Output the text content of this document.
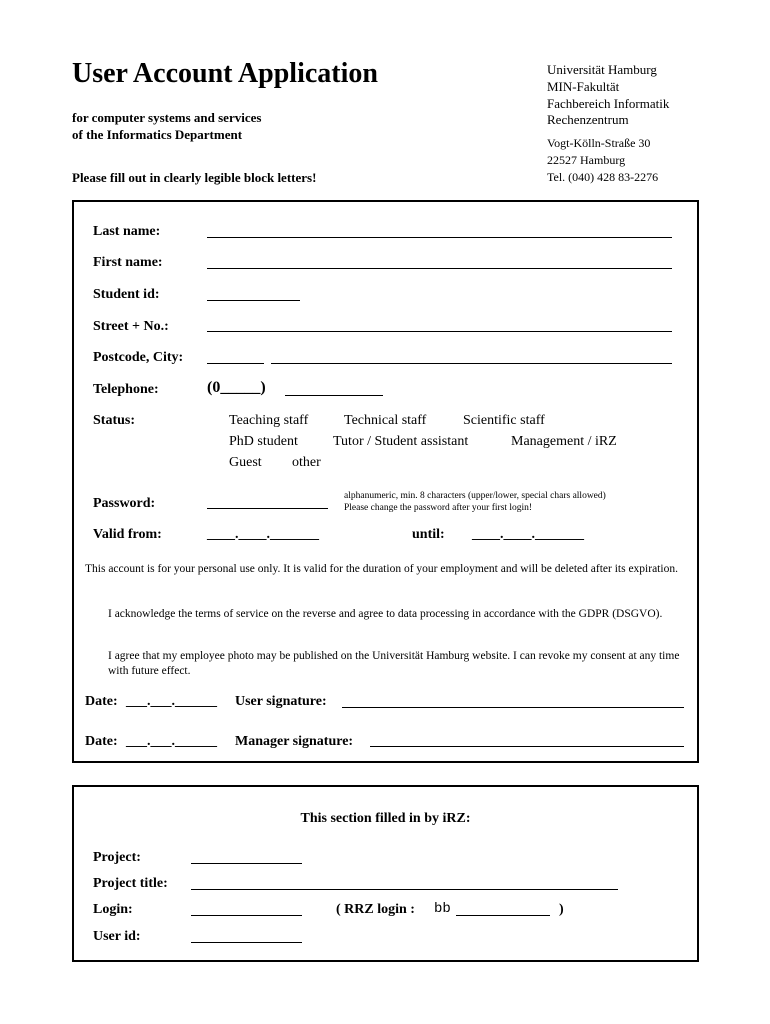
User Account Application
for computer systems and services
of the Informatics Department
Please fill out in clearly legible block letters!
Universität Hamburg
MIN-Fakultät
Fachbereich Informatik
Rechenzentrum
Vogt-Kölln-Straße 30
22527 Hamburg
Tel. (040) 428 83-2276
Last name:
First name:
Student id:
Street + No.:
Postcode, City:
Telephone:	(0_____)
Status:	Teaching staff	Technical staff	Scientific staff
PhD student	Tutor / Student assistant	Management / iRZ
Guest other
Password:	alphanumeric, min. 8 characters (upper/lower, special chars allowed)
Please change the password after your first login!
Valid from:	____.____._______	until: ____.____._______
This account is for your personal use only. It is valid for the duration of your employment and will be deleted after its expiration.
I acknowledge the terms of service on the reverse and agree to data processing in accordance with the GDPR (DSGVO).
I agree that my employee photo may be published on the Universität Hamburg website. I can revoke my consent at any time with future effect.
Date: ___.___.______ User signature:
Date: ___.___.______ Manager signature:
This section filled in by iRZ:
Project:
Project title:
Login:	( RRZ login : bb	)
User id:
